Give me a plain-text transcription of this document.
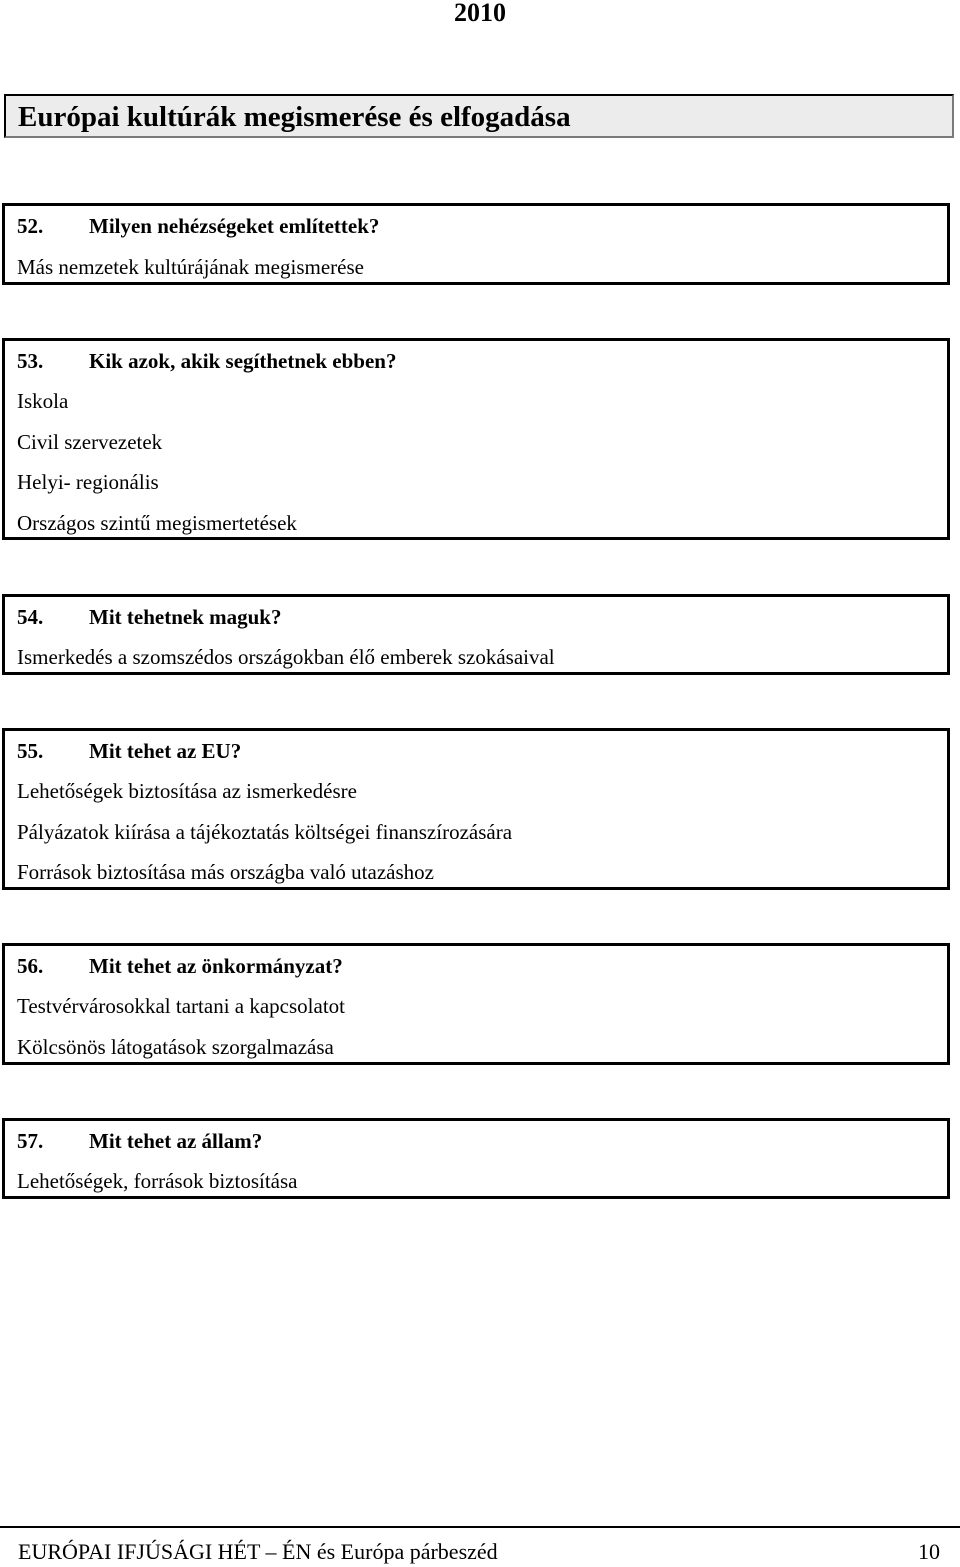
2010
Európai kultúrák megismerése és elfogadása
52. Milyen nehézségeket említettek?
Más nemzetek kultúrájának megismerése
53. Kik azok, akik segíthetnek ebben?
Iskola
Civil szervezetek
Helyi- regionális
Országos szintű megismertetések
54. Mit tehetnek maguk?
Ismerkedés a szomszédos országokban élő emberek szokásaival
55. Mit tehet az EU?
Lehetőségek biztosítása az ismerkedésre
Pályázatok kiírása a tájékoztatás költségei finanszírozására
Források biztosítása más országba való utazáshoz
56. Mit tehet az önkormányzat?
Testvérvárosokkal tartani a kapcsolatot
Kölcsönös látogatások szorgalmazása
57. Mit tehet az állam?
Lehetőségek, források biztosítása
EURÓPAI IFJÚSÁGI HÉT – ÉN és Európa párbeszéd	10
